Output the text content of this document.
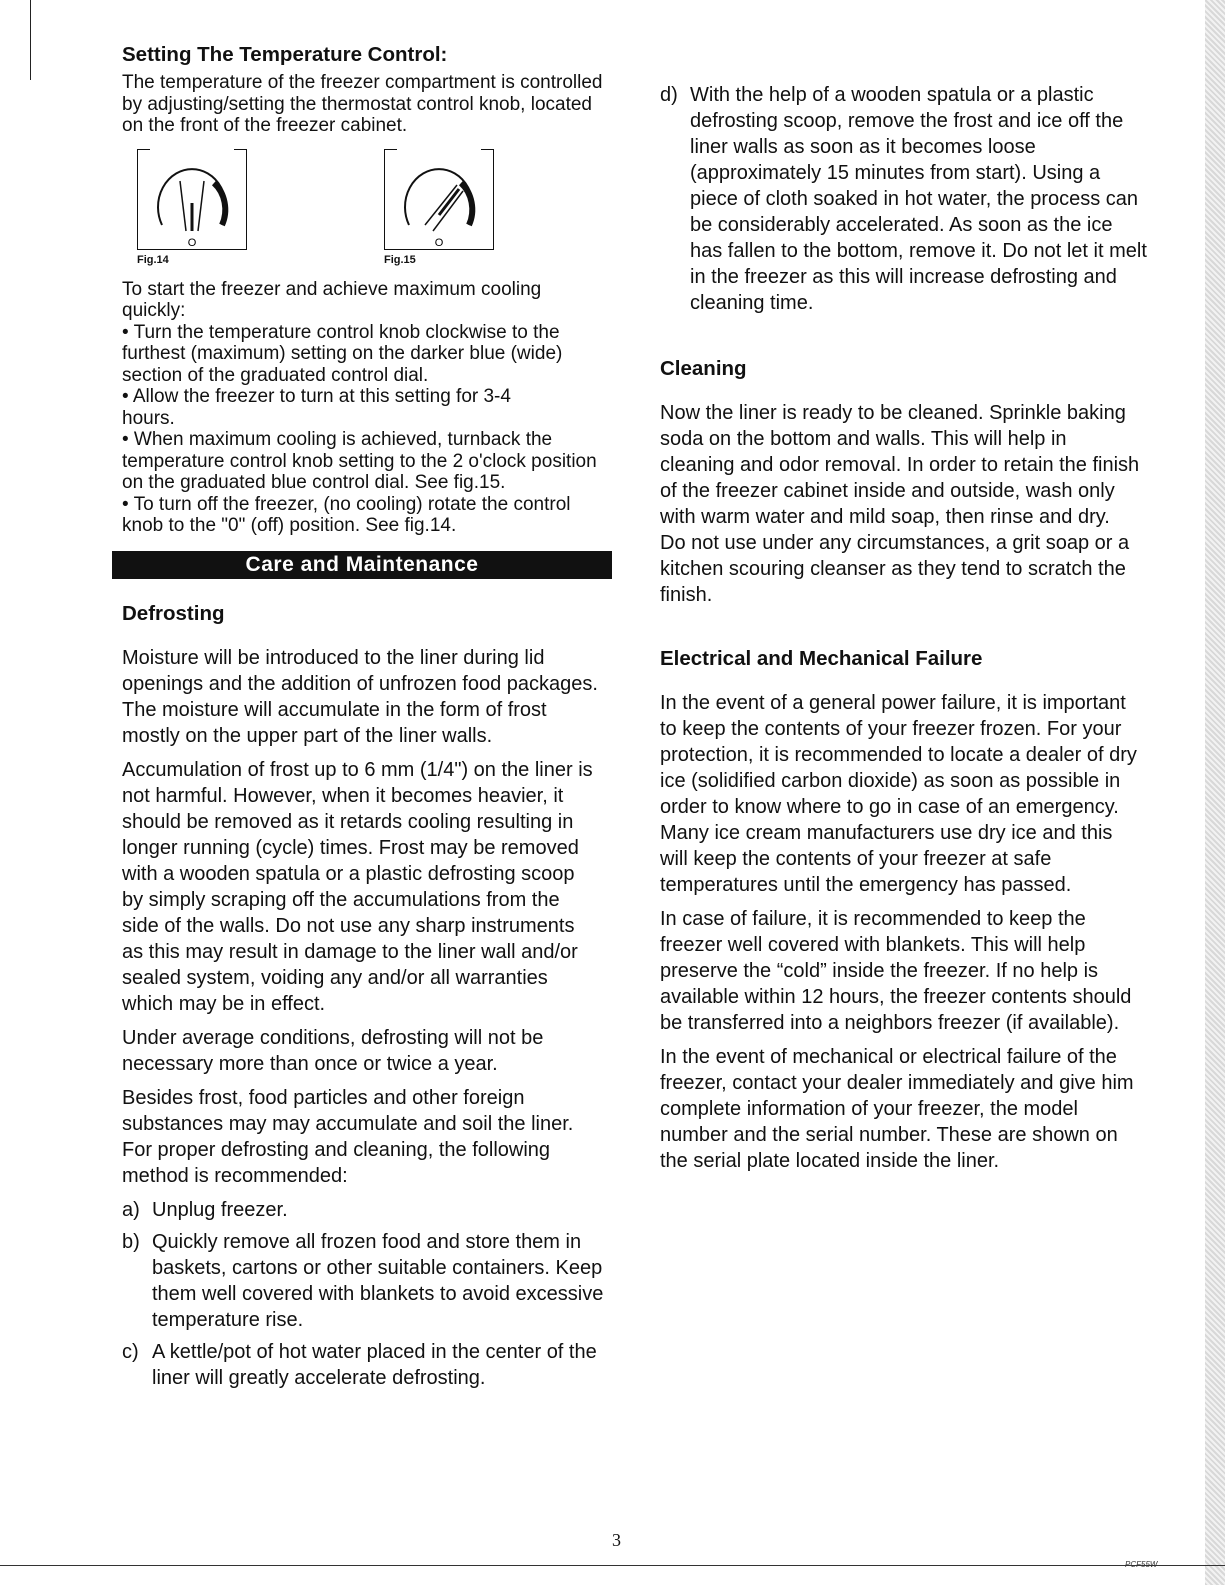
Setting The Temperature Control:

The temperature of the freezer compartment is controlled by adjusting/setting the thermostat control knob, located on the front of the freezer cabinet.

O
Fig.14
O
Fig.15

To start the freezer and achieve maximum cooling quickly:

• Turn the temperature control knob clockwise to the furthest (maximum) setting on the darker blue (wide) section of the graduated control dial.

• Allow the freezer to turn at this setting for 3-4 hours.

• When maximum cooling is achieved, turnback the temperature control knob setting to the 2 o'clock position on the graduated blue control dial. See fig.15.

• To turn off the freezer, (no cooling) rotate the control knob to the "0" (off) position. See fig.14.

Care and Maintenance
Defrosting

Moisture will be introduced to the liner during lid openings and the addition of unfrozen food packages. The moisture will accumulate in the form of frost mostly on the upper part of the liner walls.

Accumulation of frost up to 6 mm (1/4") on the liner is not harmful. However, when it becomes heavier, it should be removed as it retards cooling resulting in longer running (cycle) times. Frost may be removed with a wooden spatula or a plastic defrosting scoop by simply scraping off the accumulations from the side of the walls. Do not use any sharp instruments as this may result in damage to the liner wall and/or sealed system, voiding any and/or all warranties which may be in effect.

Under average conditions, defrosting will not be necessary more than once or twice a year.

Besides frost, food particles and other foreign substances may may accumulate and soil the liner. For proper defrosting and cleaning, the following method is recommended:

a) Unplug freezer.
b) Quickly remove all frozen food and store them in baskets, cartons or other suitable containers. Keep them well covered with blankets to avoid excessive temperature rise.
c) A kettle/pot of hot water placed in the center of the liner will greatly accelerate defrosting.
d) With the help of a wooden spatula or a plastic defrosting scoop, remove the frost and ice off the liner walls as soon as it becomes loose (approximately 15 minutes from start). Using a piece of cloth soaked in hot water, the process can be considerably accelerated. As soon as the ice has fallen to the bottom, remove it. Do not let it melt in the freezer as this will increase defrosting and cleaning time.
Cleaning

Now the liner is ready to be cleaned. Sprinkle baking soda on the bottom and walls. This will help in cleaning and odor removal. In order to retain the finish of the freezer cabinet inside and outside, wash only with warm water and mild soap, then rinse and dry. Do not use under any circumstances, a grit soap or a kitchen scouring cleanser as they tend to scratch the finish.

Electrical and Mechanical Failure

In the event of a general power failure, it is important to keep the contents of your freezer frozen. For your protection, it is recommended to locate a dealer of dry ice (solidified carbon dioxide) as soon as possible in order to know where to go in case of an emergency. Many ice cream manufacturers use dry ice and this will keep the contents of your freezer at safe temperatures until the emergency has passed.

In case of failure, it is recommended to keep the freezer well covered with blankets. This will help preserve the “cold” inside the freezer. If no help is available within 12 hours, the freezer contents should be transferred into a neighbors freezer (if available).

In the event of mechanical or electrical failure of the freezer, contact your dealer immediately and give him complete information of your freezer, the model number and the serial number. These are shown on the serial plate located inside the liner.

3
PCF55W
